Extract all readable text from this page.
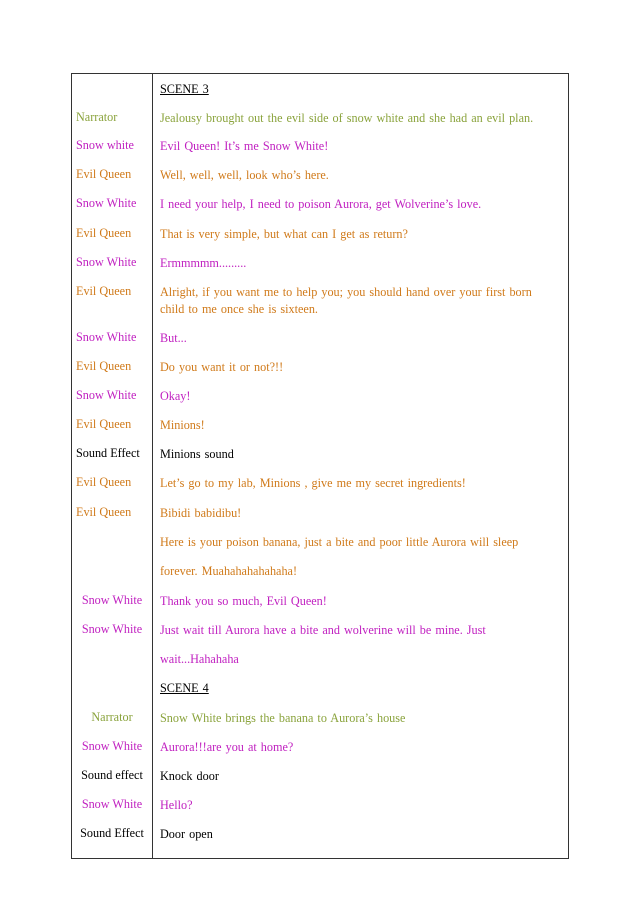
SCENE 3
Narrator	Jealousy brought out the evil side of snow white and she had an evil plan.
Snow white	Evil Queen! It’s me Snow White!
Evil Queen	Well, well, well, look who’s here.
Snow White	I need your help, I need to poison Aurora, get Wolverine’s love.
Evil Queen	That is very simple, but what can I get as return?
Snow White	Ermmmmm.........
Evil Queen	Alright, if you want me to help you; you should hand over your first born child to me once she is sixteen.
Snow White	But...
Evil Queen	Do you want it or not?!!
Snow White	Okay!
Evil Queen	Minions!
Sound Effect	Minions sound
Evil Queen	Let’s go to my lab, Minions , give me my secret ingredients!
Evil Queen	Bibidi babidibu!
Here is your poison banana, just a bite and poor little Aurora will sleep
forever. Muahahahahahaha!
Snow White	Thank you so much, Evil Queen!
Snow White	Just wait till Aurora have a bite and wolverine will be mine. Just
wait...Hahahaha
SCENE 4
Narrator	Snow White brings the banana to Aurora’s house
Snow White	Aurora!!!are you at home?
Sound effect	Knock door
Snow White	Hello?
Sound Effect	Door open
